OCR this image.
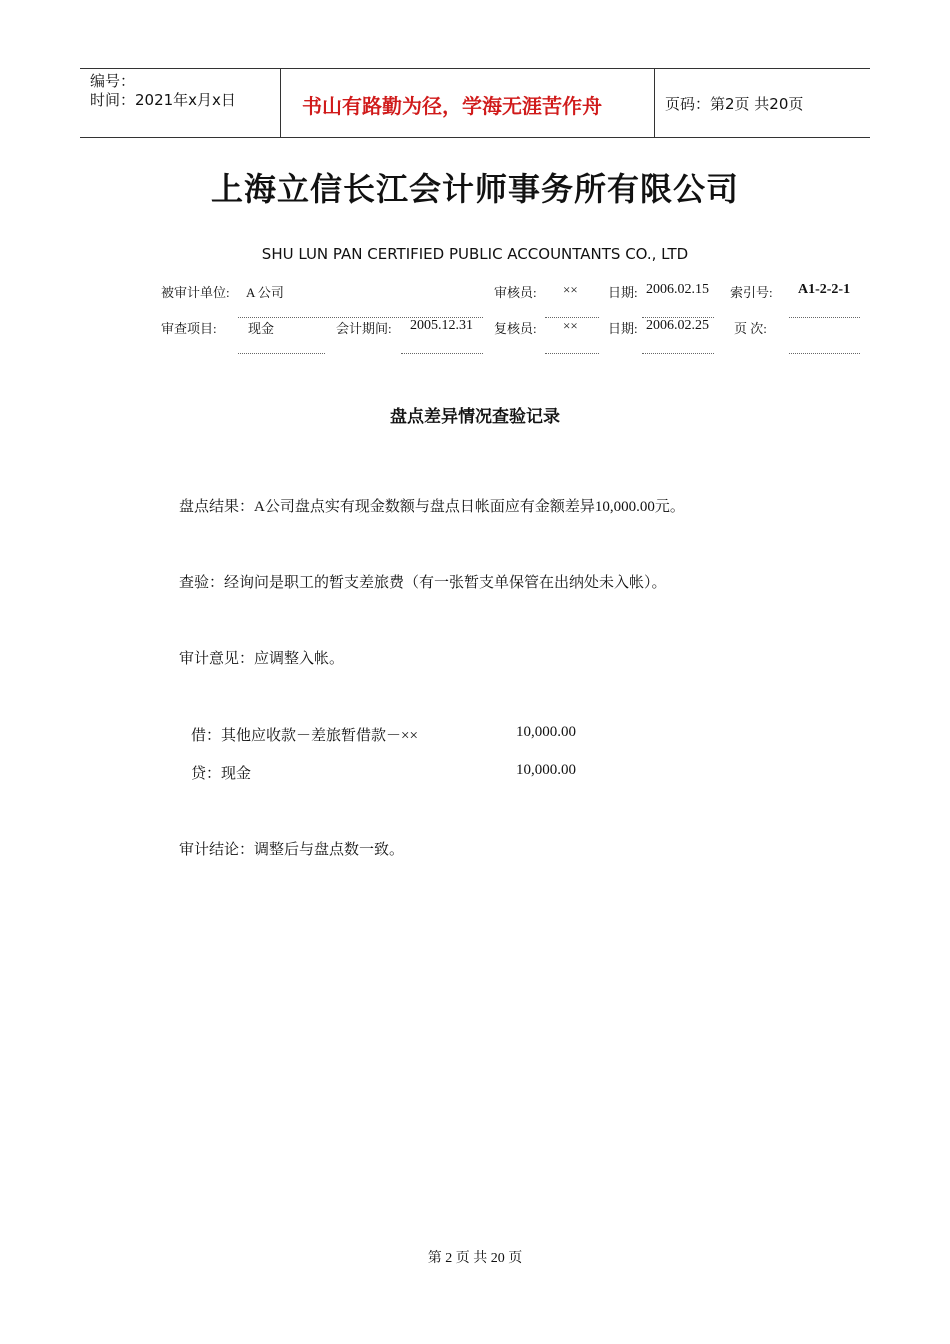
编号：
时间：2021年x月x日	书山有路勤为径，学海无涯苦作舟	页码：第2页 共20页
上海立信长江会计师事务所有限公司
SHU LUN PAN CERTIFIED PUBLIC ACCOUNTANTS CO., LTD
被审计单位: A 公司	审核员: ×× 日期: 2006.02.15 索引号: A1-2-2-1
审查项目: 现金	会计期间: 2005.12.31 复核员: ×× 日期: 2006.02.25 页 次:
盘点差异情况查验记录
盘点结果：A公司盘点实有现金数额与盘点日帐面应有金额差异10,000.00元。
查验：经询问是职工的暂支差旅费（有一张暂支单保管在出纳处未入帐）。
审计意见：应调整入帐。
借：其他应收款－差旅暂借款－××	10,000.00
贷：现金	10,000.00
审计结论：调整后与盘点数一致。
第 2 页 共 20 页
